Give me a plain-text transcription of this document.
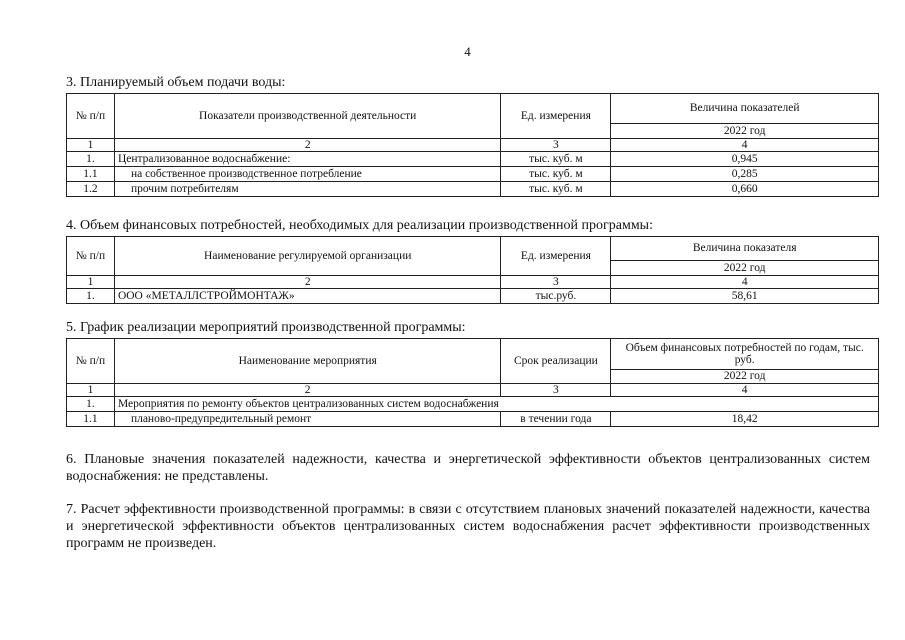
4
3. Планируемый объем подачи воды:
№ п/п	Показатели производственной деятельности	Ед. измерения	Величина показателей
			2022 год
1	2	3	4
1.	Централизованное водоснабжение:	тыс. куб. м	0,945
1.1	на собственное производственное потребление	тыс. куб. м	0,285
1.2	прочим потребителям	тыс. куб. м	0,660
4. Объем финансовых потребностей, необходимых для реализации производственной программы:
№ п/п	Наименование регулируемой организации	Ед. измерения	Величина показателя
			2022 год
1	2	3	4
1.	ООО «МЕТАЛЛСТРОЙМОНТАЖ»	тыс.руб.	58,61
5. График реализации мероприятий производственной программы:
№ п/п	Наименование мероприятия	Срок реализации	Объем финансовых потребностей по годам, тыс. руб.
			2022 год
1	2	3	4
1.	Мероприятия по ремонту объектов централизованных систем водоснабжения		
1.1	планово-предупредительный ремонт	в течении года	18,42
6. Плановые значения показателей надежности, качества и энергетической эффективности объектов централизованных систем водоснабжения: не представлены.
7. Расчет эффективности производственной программы: в связи с отсутствием плановых значений показателей надежности, качества и энергетической эффективности объектов централизованных систем водоснабжения расчет эффективности производственных программ не произведен.
